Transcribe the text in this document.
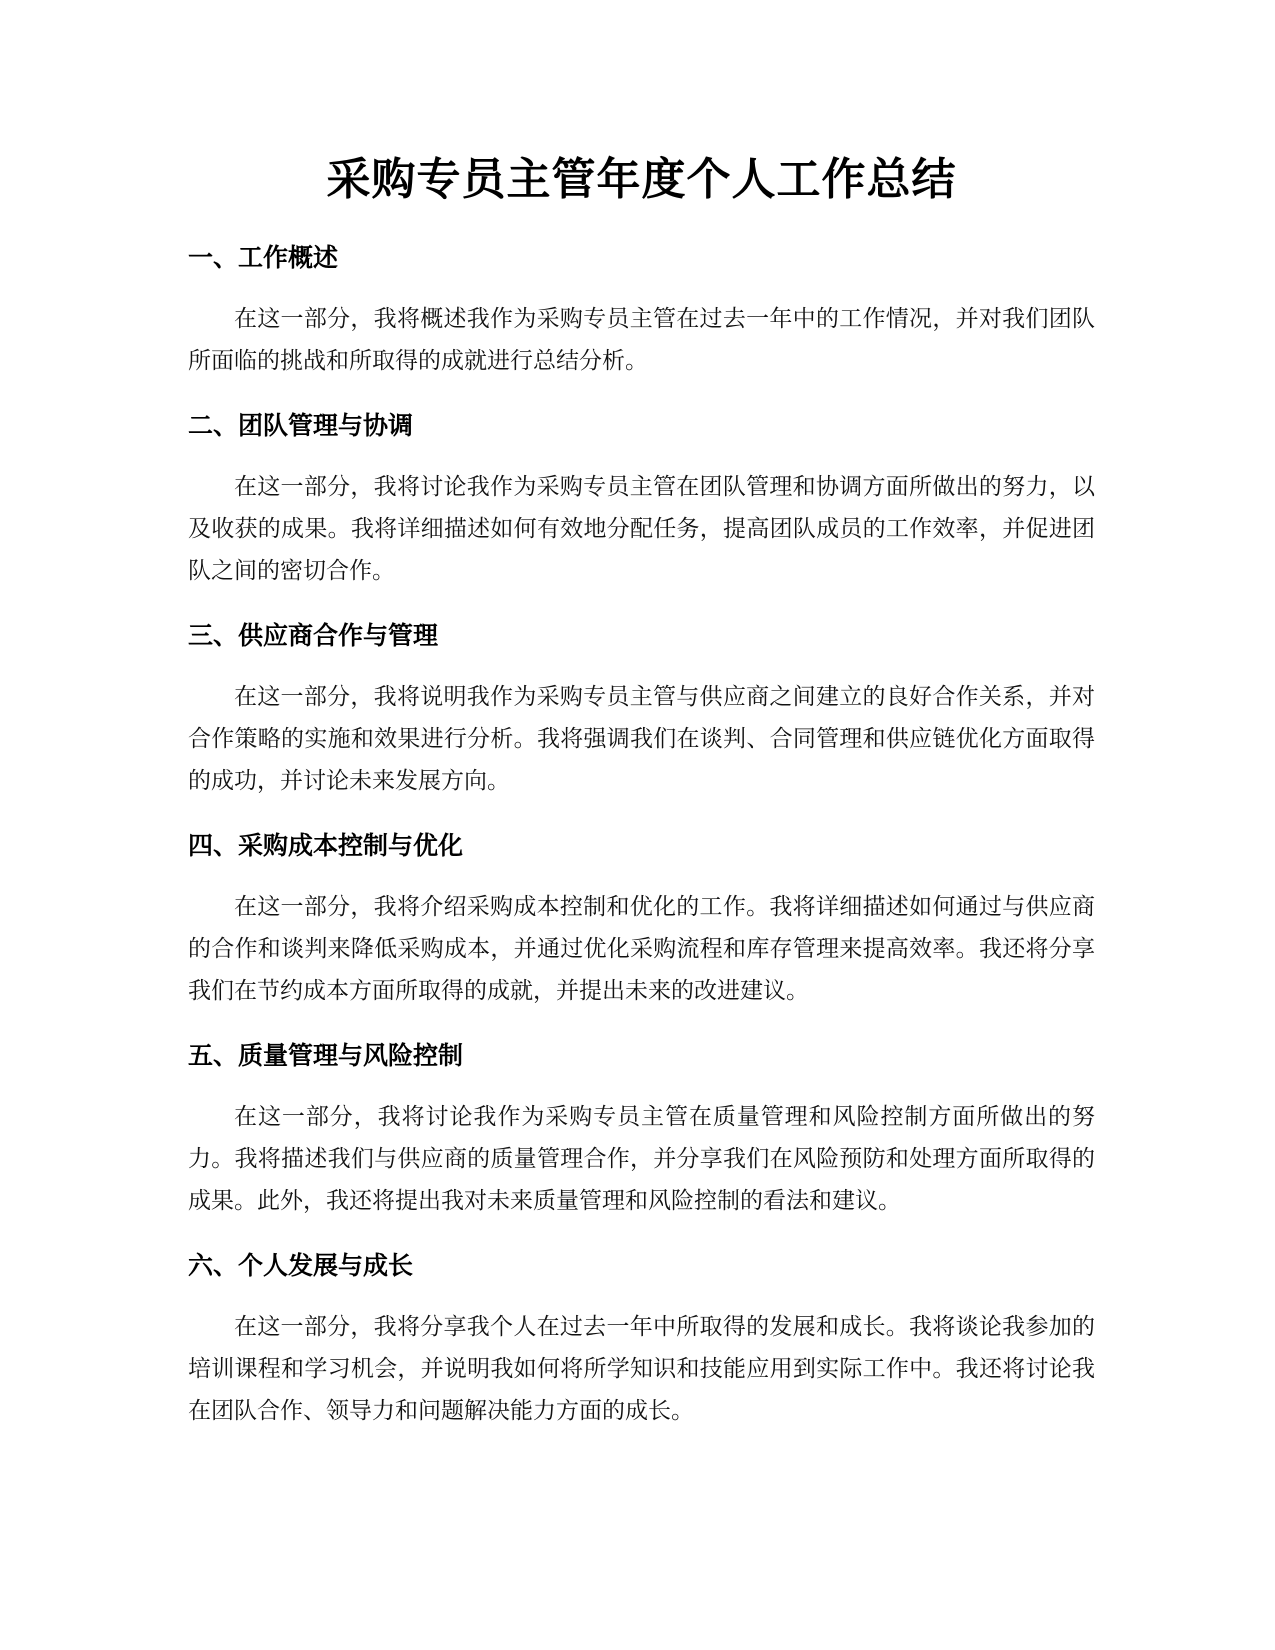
采购专员主管年度个人工作总结
一、工作概述

在这一部分，我将概述我作为采购专员主管在过去一年中的工作情况，并对我们团队所面临的挑战和所取得的成就进行总结分析。

二、团队管理与协调

在这一部分，我将讨论我作为采购专员主管在团队管理和协调方面所做出的努力，以及收获的成果。我将详细描述如何有效地分配任务，提高团队成员的工作效率，并促进团队之间的密切合作。

三、供应商合作与管理

在这一部分，我将说明我作为采购专员主管与供应商之间建立的良好合作关系，并对合作策略的实施和效果进行分析。我将强调我们在谈判、合同管理和供应链优化方面取得的成功，并讨论未来发展方向。

四、采购成本控制与优化

在这一部分，我将介绍采购成本控制和优化的工作。我将详细描述如何通过与供应商的合作和谈判来降低采购成本，并通过优化采购流程和库存管理来提高效率。我还将分享我们在节约成本方面所取得的成就，并提出未来的改进建议。

五、质量管理与风险控制

在这一部分，我将讨论我作为采购专员主管在质量管理和风险控制方面所做出的努力。我将描述我们与供应商的质量管理合作，并分享我们在风险预防和处理方面所取得的成果。此外，我还将提出我对未来质量管理和风险控制的看法和建议。

六、个人发展与成长

在这一部分，我将分享我个人在过去一年中所取得的发展和成长。我将谈论我参加的培训课程和学习机会，并说明我如何将所学知识和技能应用到实际工作中。我还将讨论我在团队合作、领导力和问题解决能力方面的成长。
